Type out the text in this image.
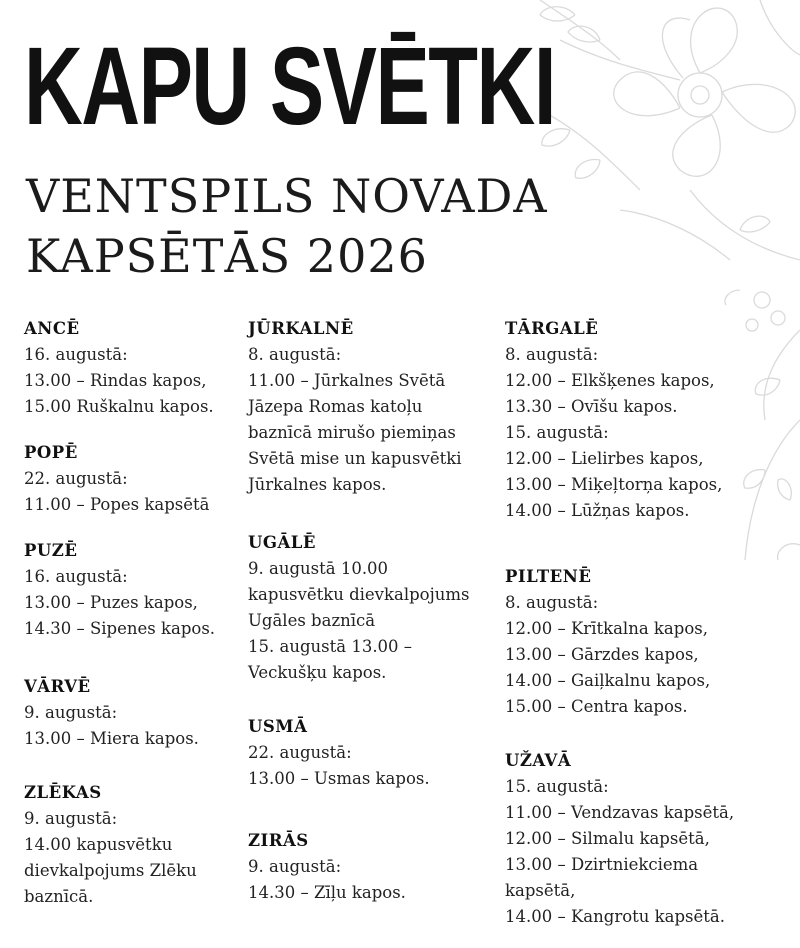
KAPU SVĒTKI
VENTSPILS NOVADA
KAPSĒTĀS 2026
ANCĒ
16. augustā:
13.00 – Rindas kapos,
15.00 Ruškalnu kapos.
POPĒ
22. augustā:
11.00 – Popes kapsētā
PUZĒ
16. augustā:
13.00 – Puzes kapos,
14.30 – Sipenes kapos.
VĀRVĒ
9. augustā:
13.00 – Miera kapos.
ZLĒKAS
9. augustā:
14.00 kapusvētku
dievkalpojums Zlēku
baznīcā.
JŪRKALNĒ
8. augustā:
11.00 – Jūrkalnes Svētā
Jāzepa Romas katoļu
baznīcā mirušo piemiņas
Svētā mise un kapusvētki
Jūrkalnes kapos.
UGĀLĒ
9. augustā 10.00
kapusvētku dievkalpojums
Ugāles baznīcā
15. augustā 13.00 –
Veckušķu kapos.
USMĀ
22. augustā:
13.00 – Usmas kapos.
ZIRĀS
9. augustā:
14.30 – Zīļu kapos.
TĀRGALĒ
8. augustā:
12.00 – Elkšķenes kapos,
13.30 – Ovīšu kapos.
15. augustā:
12.00 – Lielirbes kapos,
13.00 – Miķeļtorņa kapos,
14.00 – Lūžņas kapos.
PILTENĒ
8. augustā:
12.00 – Krītkalna kapos,
13.00 – Gārzdes kapos,
14.00 – Gaiļkalnu kapos,
15.00 – Centra kapos.
UŽAVĀ
15. augustā:
11.00 – Vendzavas kapsētā,
12.00 – Silmalu kapsētā,
13.00 – Dzirtniekciema
kapsētā,
14.00 – Kangrotu kapsētā.
